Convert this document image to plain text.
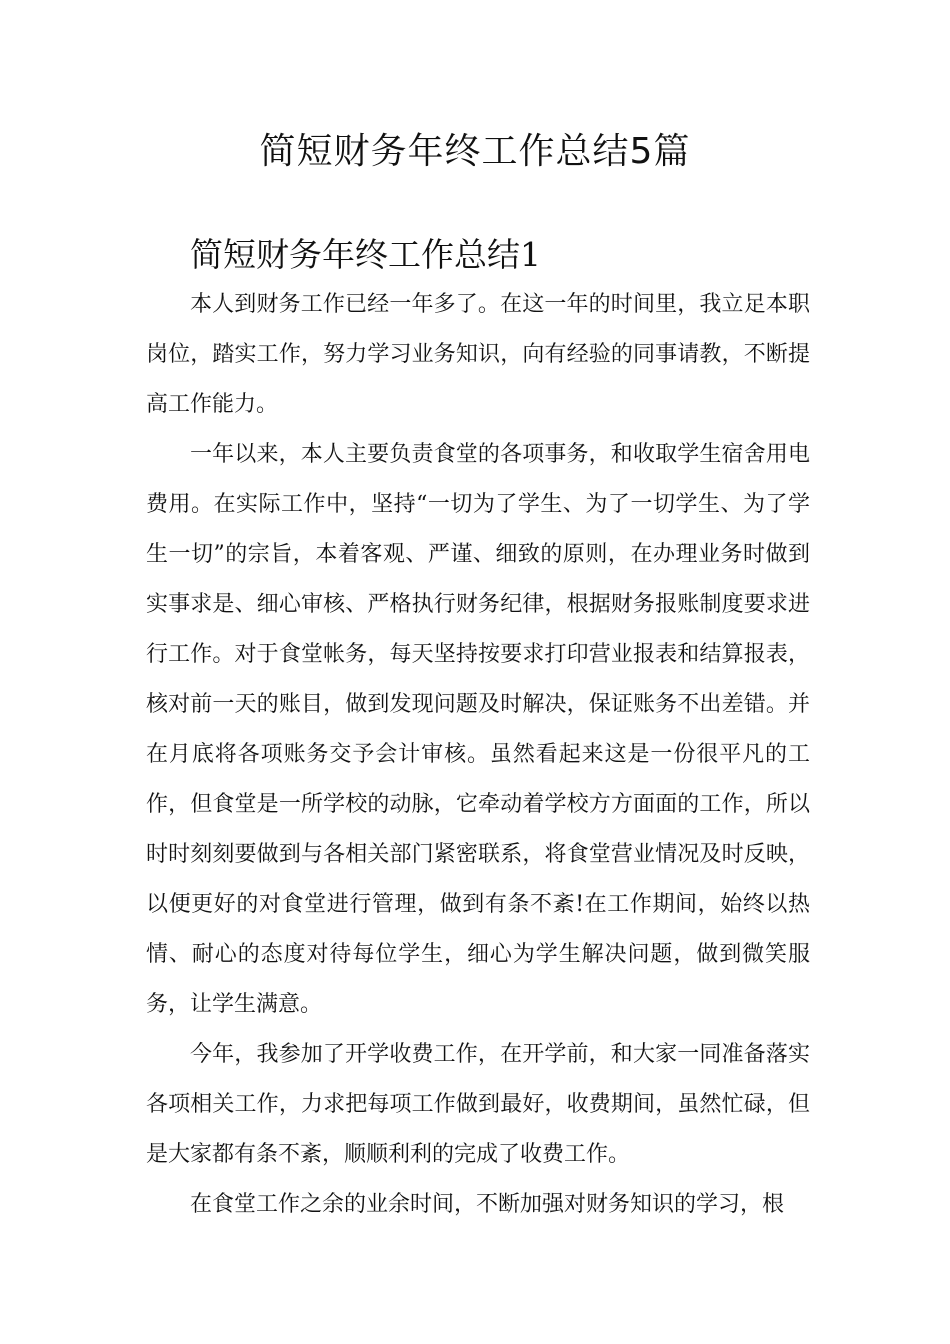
简短财务年终工作总结5篇
简短财务年终工作总结1

本人到财务工作已经一年多了。在这一年的时间里，我立足本职岗位，踏实工作，努力学习业务知识，向有经验的同事请教，不断提高工作能力。

一年以来，本人主要负责食堂的各项事务，和收取学生宿舍用电费用。在实际工作中，坚持“一切为了学生、为了一切学生、为了学生一切”的宗旨，本着客观、严谨、细致的原则，在办理业务时做到实事求是、细心审核、严格执行财务纪律，根据财务报账制度要求进行工作。对于食堂帐务，每天坚持按要求打印营业报表和结算报表，核对前一天的账目，做到发现问题及时解决，保证账务不出差错。并在月底将各项账务交予会计审核。虽然看起来这是一份很平凡的工作，但食堂是一所学校的动脉，它牵动着学校方方面面的工作，所以时时刻刻要做到与各相关部门紧密联系，将食堂营业情况及时反映，以便更好的对食堂进行管理，做到有条不紊!在工作期间，始终以热情、耐心的态度对待每位学生，细心为学生解决问题，做到微笑服务，让学生满意。

今年，我参加了开学收费工作，在开学前，和大家一同准备落实各项相关工作，力求把每项工作做到最好，收费期间，虽然忙碌，但是大家都有条不紊，顺顺利利的完成了收费工作。

在食堂工作之余的业余时间，不断加强对财务知识的学习，根
